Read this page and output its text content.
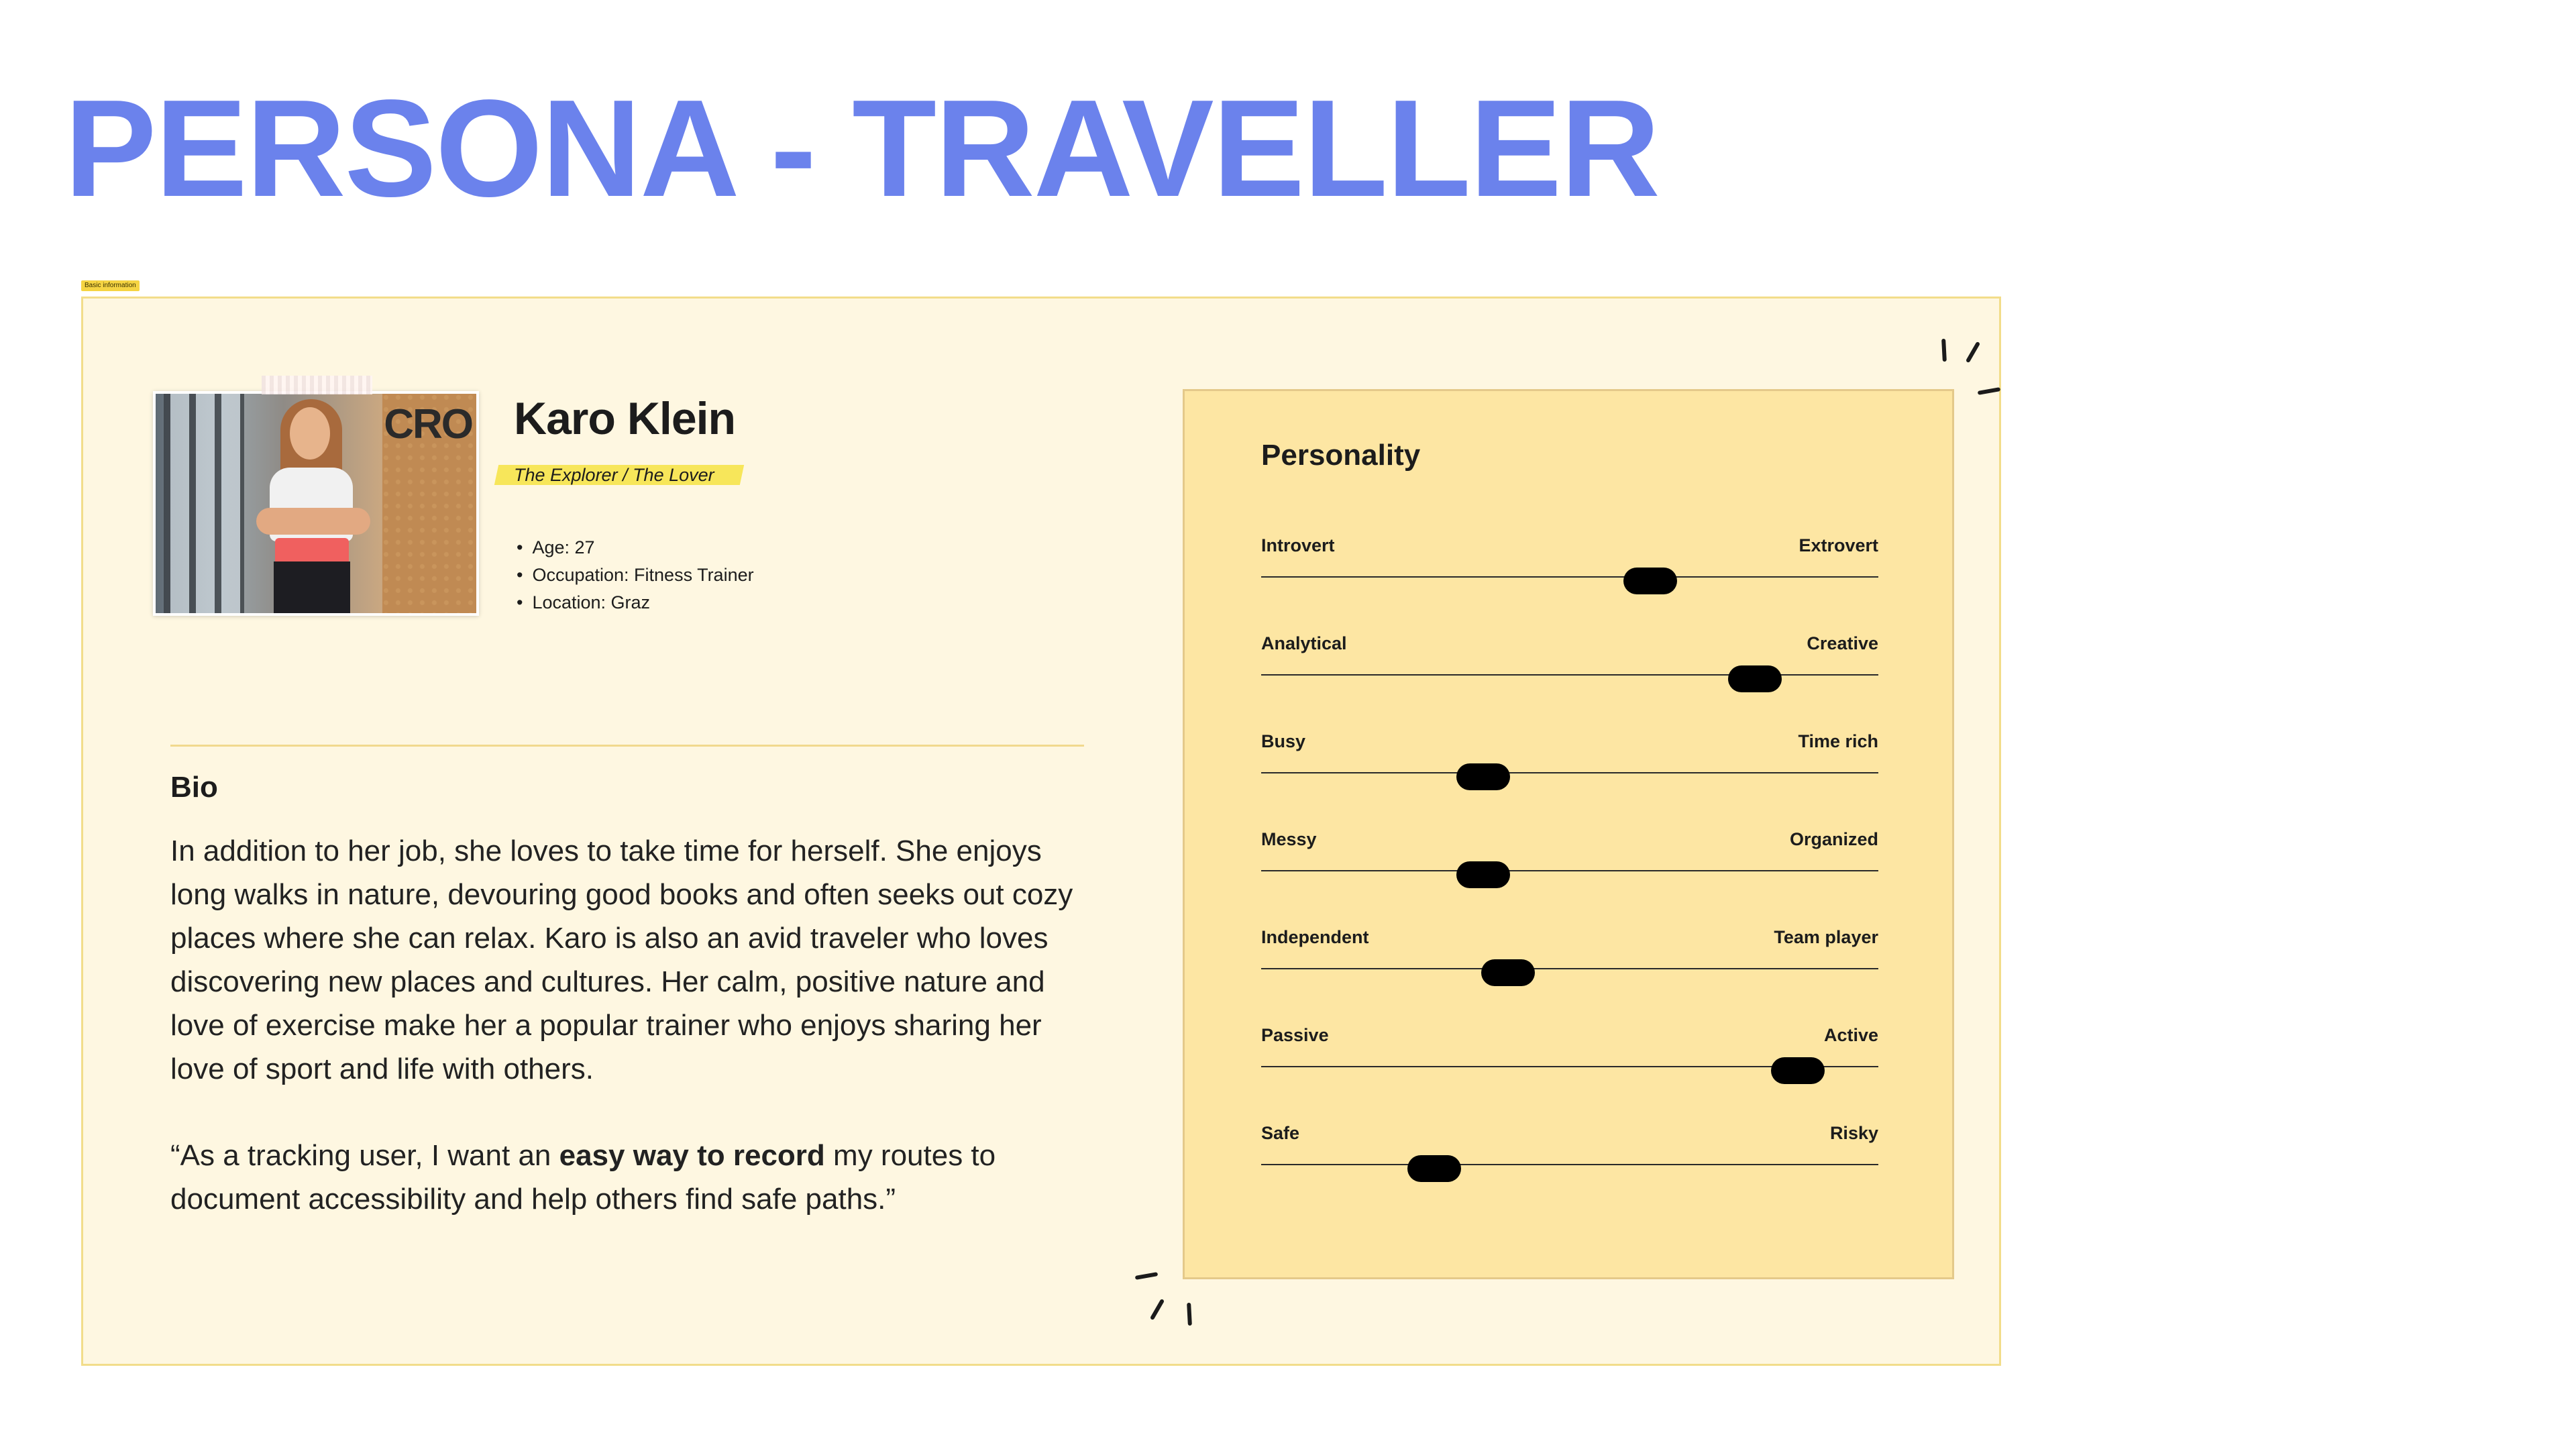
PERSONA - TRAVELLER
Basic information
CRO Karo Klein
The Explorer / The Lover
• Age: 27
• Occupation: Fitness Trainer
• Location: Graz
Bio

In addition to her job, she loves to take time for herself. She enjoys long walks in nature, devouring good books and often seeks out cozy places where she can relax. Karo is also an avid traveler who loves discovering new places and cultures. Her calm, positive nature and love of exercise make her a popular trainer who enjoys sharing her love of sport and life with others.

“As a tracking user, I want an easy way to record my routes to document accessibility and help others find safe paths.”

Personality
Introvert	Extrovert
Analytical	Creative
Busy	Time rich
Messy	Organized
Independent	Team player
Passive	Active
Safe	Risky
